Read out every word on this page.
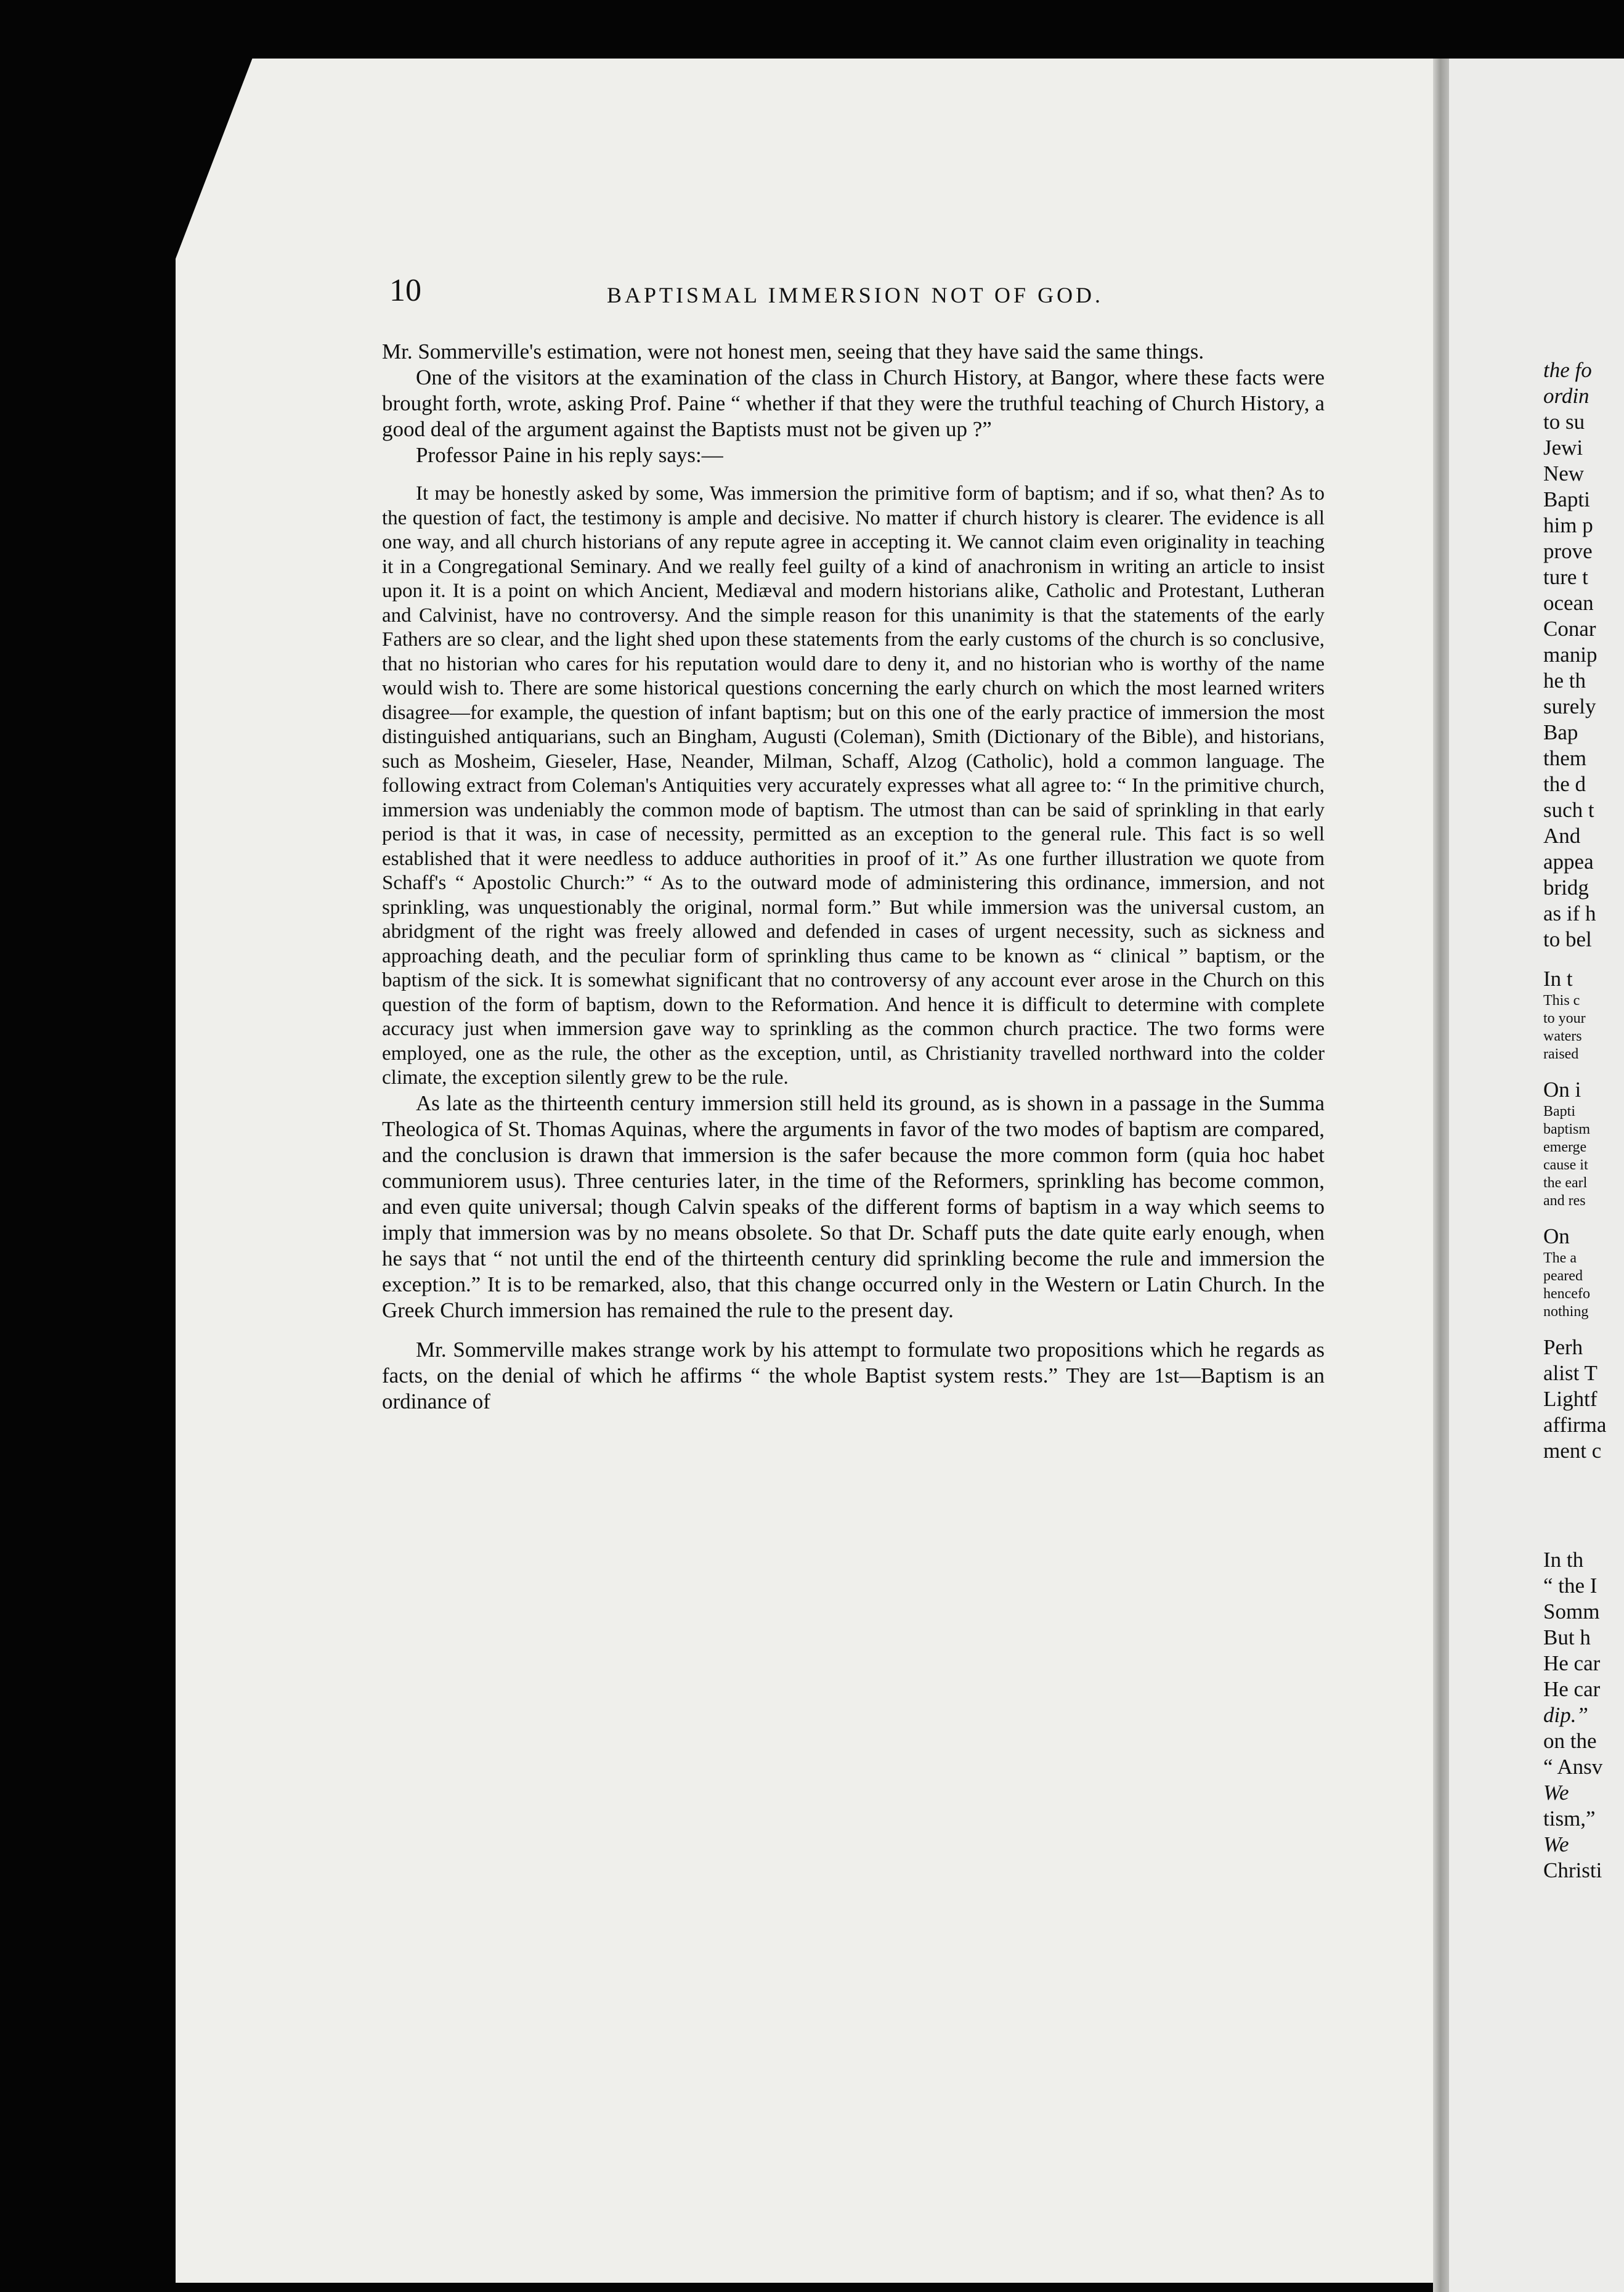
10	BAPTISMAL IMMERSION NOT OF GOD.

Mr. Sommerville's estimation, were not honest men, seeing that they have said the same things.

One of the visitors at the examination of the class in Church History, at Bangor, where these facts were brought forth, wrote, asking Prof. Paine “ whether if that they were the truthful teaching of Church History, a good deal of the argument against the Baptists must not be given up ?”

Professor Paine in his reply says:—

It may be honestly asked by some, Was immersion the primitive form of baptism; and if so, what then? As to the question of fact, the testimony is ample and decisive. No matter if church history is clearer. The evidence is all one way, and all church historians of any repute agree in accepting it. We cannot claim even originality in teaching it in a Congregational Seminary. And we really feel guilty of a kind of anachronism in writing an article to insist upon it. It is a point on which Ancient, Mediæval and modern historians alike, Catholic and Protestant, Lutheran and Calvinist, have no controversy. And the simple reason for this unanimity is that the statements of the early Fathers are so clear, and the light shed upon these statements from the early customs of the church is so conclusive, that no historian who cares for his reputation would dare to deny it, and no historian who is worthy of the name would wish to. There are some historical questions concerning the early church on which the most learned writers disagree—for example, the question of infant baptism; but on this one of the early practice of immersion the most distinguished antiquarians, such an Bingham, Augusti (Coleman), Smith (Dictionary of the Bible), and historians, such as Mosheim, Gieseler, Hase, Neander, Milman, Schaff, Alzog (Catholic), hold a common language. The following extract from Coleman's Antiquities very accurately expresses what all agree to: “ In the primitive church, immersion was undeniably the common mode of baptism. The utmost than can be said of sprinkling in that early period is that it was, in case of necessity, permitted as an exception to the general rule. This fact is so well established that it were needless to adduce authorities in proof of it.” As one further illustration we quote from Schaff's “ Apostolic Church:” “ As to the outward mode of administering this ordinance, immersion, and not sprinkling, was unquestionably the original, normal form.” But while immersion was the universal custom, an abridgment of the right was freely allowed and defended in cases of urgent necessity, such as sickness and approaching death, and the peculiar form of sprinkling thus came to be known as “ clinical ” baptism, or the baptism of the sick. It is somewhat significant that no controversy of any account ever arose in the Church on this question of the form of baptism, down to the Reformation. And hence it is difficult to determine with complete accuracy just when immersion gave way to sprinkling as the common church practice. The two forms were employed, one as the rule, the other as the exception, until, as Christianity travelled northward into the colder climate, the exception silently grew to be the rule.

As late as the thirteenth century immersion still held its ground, as is shown in a passage in the Summa Theologica of St. Thomas Aquinas, where the arguments in favor of the two modes of baptism are compared, and the conclusion is drawn that immersion is the safer because the more common form (quia hoc habet communiorem usus). Three centuries later, in the time of the Reformers, sprinkling has become common, and even quite universal; though Calvin speaks of the different forms of baptism in a way which seems to imply that immersion was by no means obsolete. So that Dr. Schaff puts the date quite early enough, when he says that “ not until the end of the thirteenth century did sprinkling become the rule and immersion the exception.” It is to be remarked, also, that this change occurred only in the Western or Latin Church. In the Greek Church immersion has remained the rule to the present day.

Mr. Sommerville makes strange work by his attempt to formulate two propositions which he regards as facts, on the denial of which he affirms “ the whole Baptist system rests.” They are 1st—Baptism is an ordinance of

the fo
ordin
to su
Jewi
New
Bapti
him p
prove
ture t
ocean
Conar
manip
he th
surely
Bap
them
the d
such t
And
appea
bridg
as if h
to bel
In t
This c
to your
waters
raised
On i
Bapti
baptism
emerge
cause it
the earl
and res
On
The a
peared
hencefo
nothing
Perh
alist T
Lightf
affirma
ment c
In th
“ the I
Somm
But h
He car
He car
dip.”
on the
“ Ansv
We
tism,”
We
Christi
